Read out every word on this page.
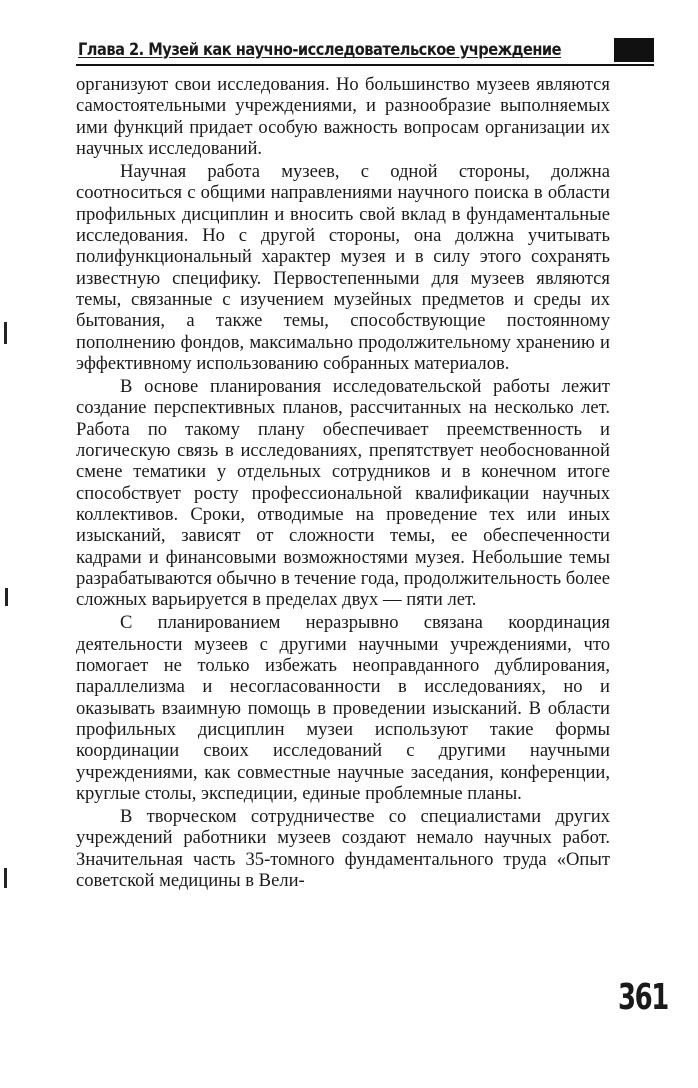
Глава 2. Музей как научно-исследовательское учреждение

организуют свои исследования. Но большинство музеев являются самостоятельными учреждениями, и разнообразие выполняемых ими функций придает особую важность вопросам организации их научных исследований.

Научная работа музеев, с одной стороны, должна соотноситься с общими направлениями научного поиска в области профильных дисциплин и вносить свой вклад в фундаментальные исследования. Но с другой стороны, она должна учитывать полифункциональный характер музея и в силу этого сохранять известную специфику. Первостепенными для музеев являются темы, связанные с изучением музейных предметов и среды их бытования, а также темы, способствующие постоянному пополнению фондов, максимально продолжительному хранению и эффективному использованию собранных материалов.

В основе планирования исследовательской работы лежит создание перспективных планов, рассчитанных на несколько лет. Работа по такому плану обеспечивает преемственность и логическую связь в исследованиях, препятствует необоснованной смене тематики у отдельных сотрудников и в конечном итоге способствует росту профессиональной квалификации научных коллективов. Сроки, отводимые на проведение тех или иных изысканий, зависят от сложности темы, ее обеспеченности кадрами и финансовыми возможностями музея. Небольшие темы разрабатываются обычно в течение года, продолжительность более сложных варьируется в пределах двух — пяти лет.

С планированием неразрывно связана координация деятельности музеев с другими научными учреждениями, что помогает не только избежать неоправданного дублирования, параллелизма и несогласованности в исследованиях, но и оказывать взаимную помощь в проведении изысканий. В области профильных дисциплин музеи используют такие формы координации своих исследований с другими научными учреждениями, как совместные научные заседания, конференции, круглые столы, экспедиции, единые проблемные планы.

В творческом сотрудничестве со специалистами других учреждений работники музеев создают немало научных работ. Значительная часть 35-томного фундаментального труда «Опыт советской медицины в Вели-

361
